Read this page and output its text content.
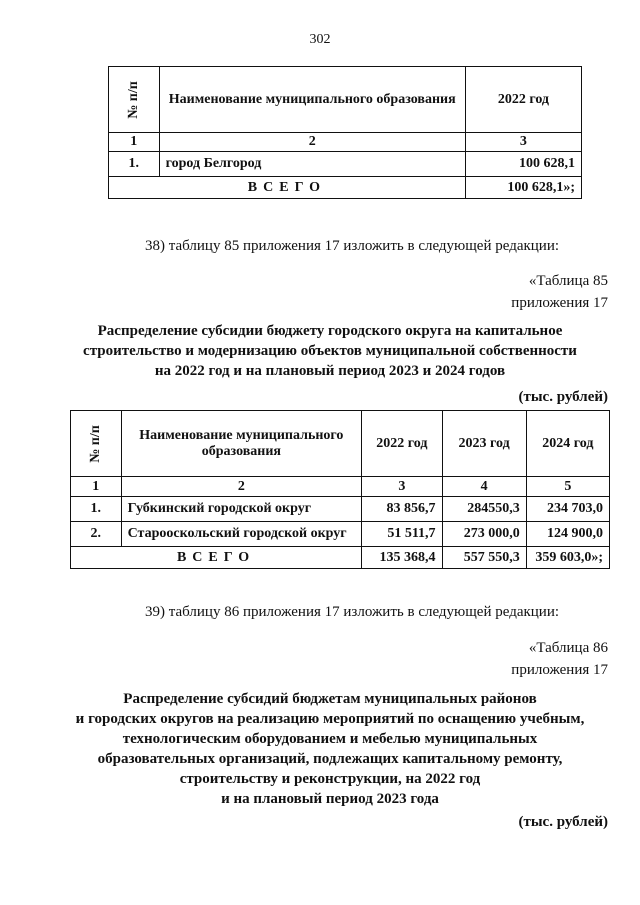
302
№ п/п	Наименование муниципального образования	2022 год
1	2	3
1.	город Белгород	100 628,1
ВСЕГО		100 628,1»;
38) таблицу 85 приложения 17 изложить в следующей редакции:
«Таблица 85
приложения 17
Распределение субсидии бюджету городского округа на капитальное
строительство и модернизацию объектов муниципальной собственности
на 2022 год и на плановый период 2023 и 2024 годов
(тыс. рублей)
№ п/п	Наименование муниципального образования	2022 год	2023 год	2024 год
1	2	3	4	5
1.	Губкинский городской округ	83 856,7	284550,3	234 703,0
2.	Старооскольский городской округ	51 511,7	273 000,0	124 900,0
ВСЕГО		135 368,4	557 550,3	359 603,0»;
39) таблицу 86 приложения 17 изложить в следующей редакции:
«Таблица 86
приложения 17
Распределение субсидий бюджетам муниципальных районов
и городских округов на реализацию мероприятий по оснащению учебным,
технологическим оборудованием и мебелью муниципальных
образовательных организаций, подлежащих капитальному ремонту,
строительству и реконструкции, на 2022 год
и на плановый период 2023 года
(тыс. рублей)
